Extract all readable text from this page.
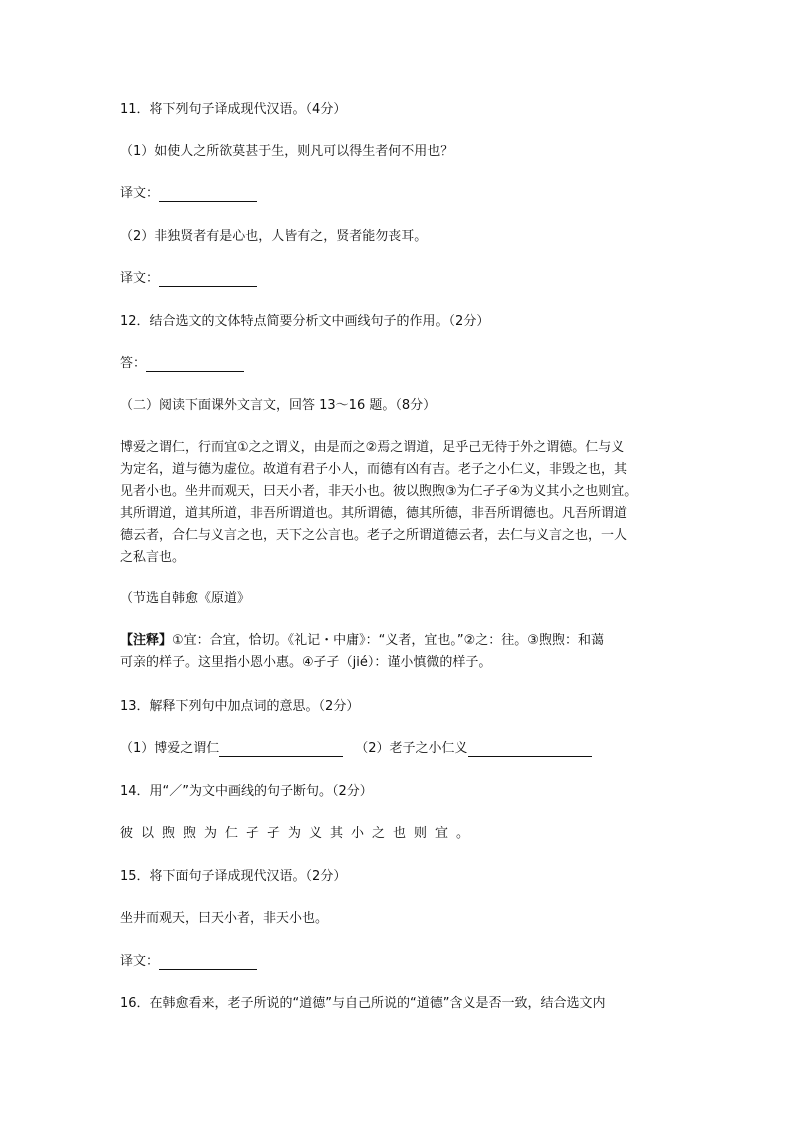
11．将下列句子译成现代汉语。（4分）
（1）如使人之所欲莫甚于生，则凡可以得生者何不用也？
译文：
（2）非独贤者有是心也，人皆有之，贤者能勿丧耳。
译文：
12．结合选文的文体特点简要分析文中画线句子的作用。（2分）
答：
（二）阅读下面课外文言文，回答 13～16 题。（8分）
博爱之谓仁，行而宜①之之谓义，由是而之②焉之谓道，足乎己无待于外之谓德。仁与义
为定名，道与德为虚位。故道有君子小人，而德有凶有吉。老子之小仁义，非毁之也，其
见者小也。坐井而观天，曰天小者，非天小也。彼以煦煦③为仁孑孑④为义其小之也则宜。
其所谓道，道其所道，非吾所谓道也。其所谓德，德其所德，非吾所谓德也。凡吾所谓道
德云者，合仁与义言之也，天下之公言也。老子之所谓道德云者，去仁与义言之也，一人
之私言也。
（节选自韩愈《原道》
【注释】①宜：合宜，恰切。《礼记・中庸》：“义者，宜也。”②之：往。③煦煦：和蔼
可亲的样子。这里指小恩小惠。④孑孑（jié）：谨小慎微的样子。
13．解释下列句中加点词的意思。（2分）
（1）博爱之谓仁	（2）老子之小仁义
14．用“／”为文中画线的句子断句。（2分）
彼以煦煦为仁孑孑为义其小之也则宜。
15．将下面句子译成现代汉语。（2分）
坐井而观天，曰天小者，非天小也。
译文：
16．在韩愈看来，老子所说的“道德”与自己所说的“道德”含义是否一致，结合选文内
